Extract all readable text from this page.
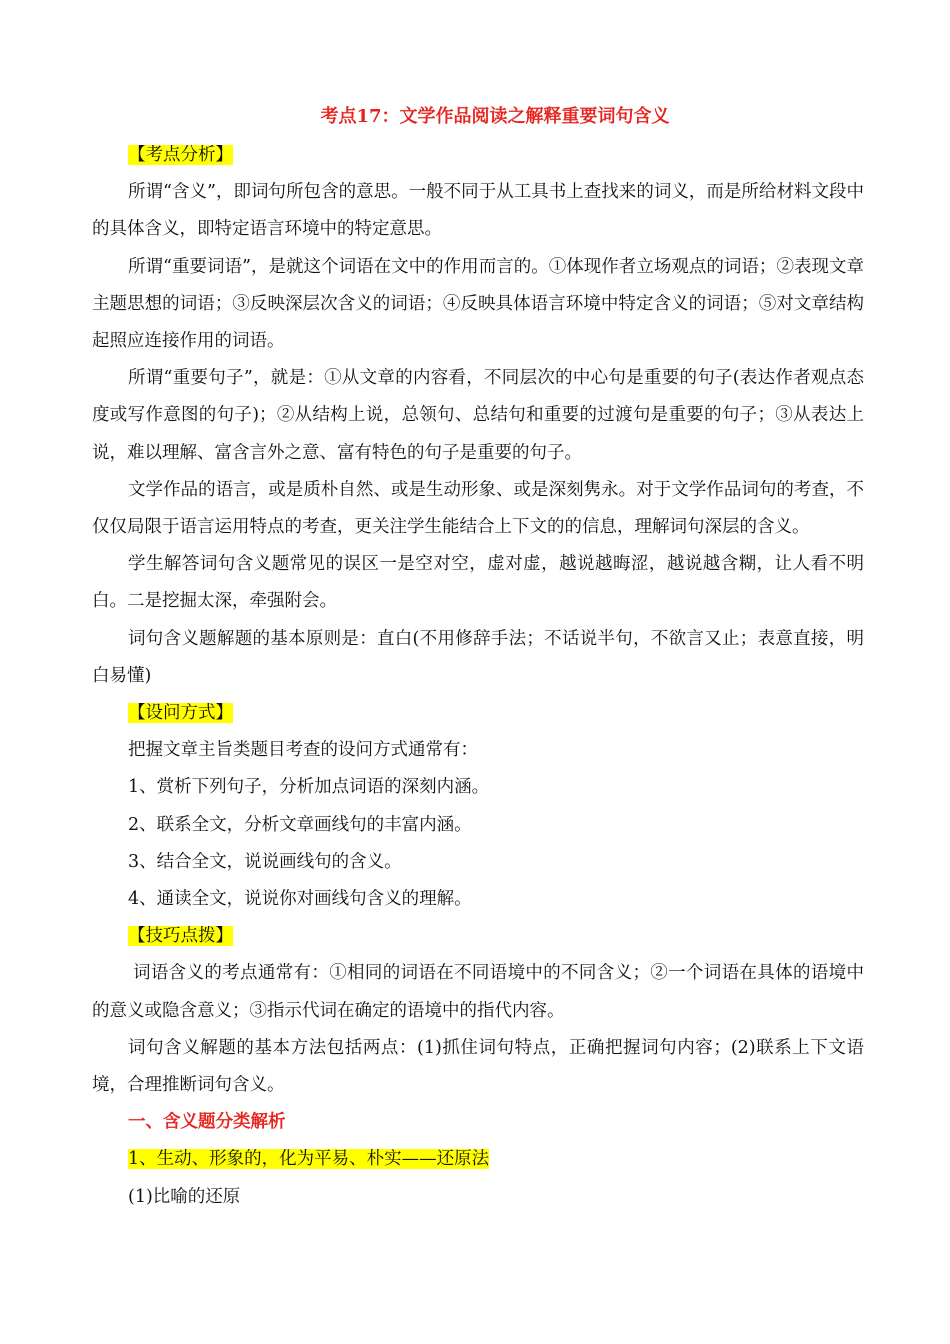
考点17：文学作品阅读之解释重要词句含义

【考点分析】

所谓“含义”，即词句所包含的意思。一般不同于从工具书上查找来的词义，而是所给材料文段中的具体含义，即特定语言环境中的特定意思。

所谓“重要词语”，是就这个词语在文中的作用而言的。①体现作者立场观点的词语；②表现文章主题思想的词语；③反映深层次含义的词语；④反映具体语言环境中特定含义的词语；⑤对文章结构起照应连接作用的词语。

所谓“重要句子”，就是：①从文章的内容看，不同层次的中心句是重要的句子(表达作者观点态度或写作意图的句子)；②从结构上说，总领句、总结句和重要的过渡句是重要的句子；③从表达上说，难以理解、富含言外之意、富有特色的句子是重要的句子。

文学作品的语言，或是质朴自然、或是生动形象、或是深刻隽永。对于文学作品词句的考查，不仅仅局限于语言运用特点的考查，更关注学生能结合上下文的的信息，理解词句深层的含义。

学生解答词句含义题常见的误区一是空对空，虚对虚，越说越晦涩，越说越含糊，让人看不明白。二是挖掘太深，牵强附会。

词句含义题解题的基本原则是：直白(不用修辞手法；不话说半句，不欲言又止；表意直接，明白易懂)

【设问方式】

把握文章主旨类题目考查的设问方式通常有：

1、赏析下列句子，分析加点词语的深刻内涵。

2、联系全文，分析文章画线句的丰富内涵。

3、结合全文，说说画线句的含义。

4、通读全文，说说你对画线句含义的理解。

【技巧点拨】

词语含义的考点通常有：①相同的词语在不同语境中的不同含义；②一个词语在具体的语境中的意义或隐含意义；③指示代词在确定的语境中的指代内容。

词句含义解题的基本方法包括两点：(1)抓住词句特点，正确把握词句内容；(2)联系上下文语境，合理推断词句含义。

一、含义题分类解析

1、生动、形象的，化为平易、朴实——还原法

(1)比喻的还原
